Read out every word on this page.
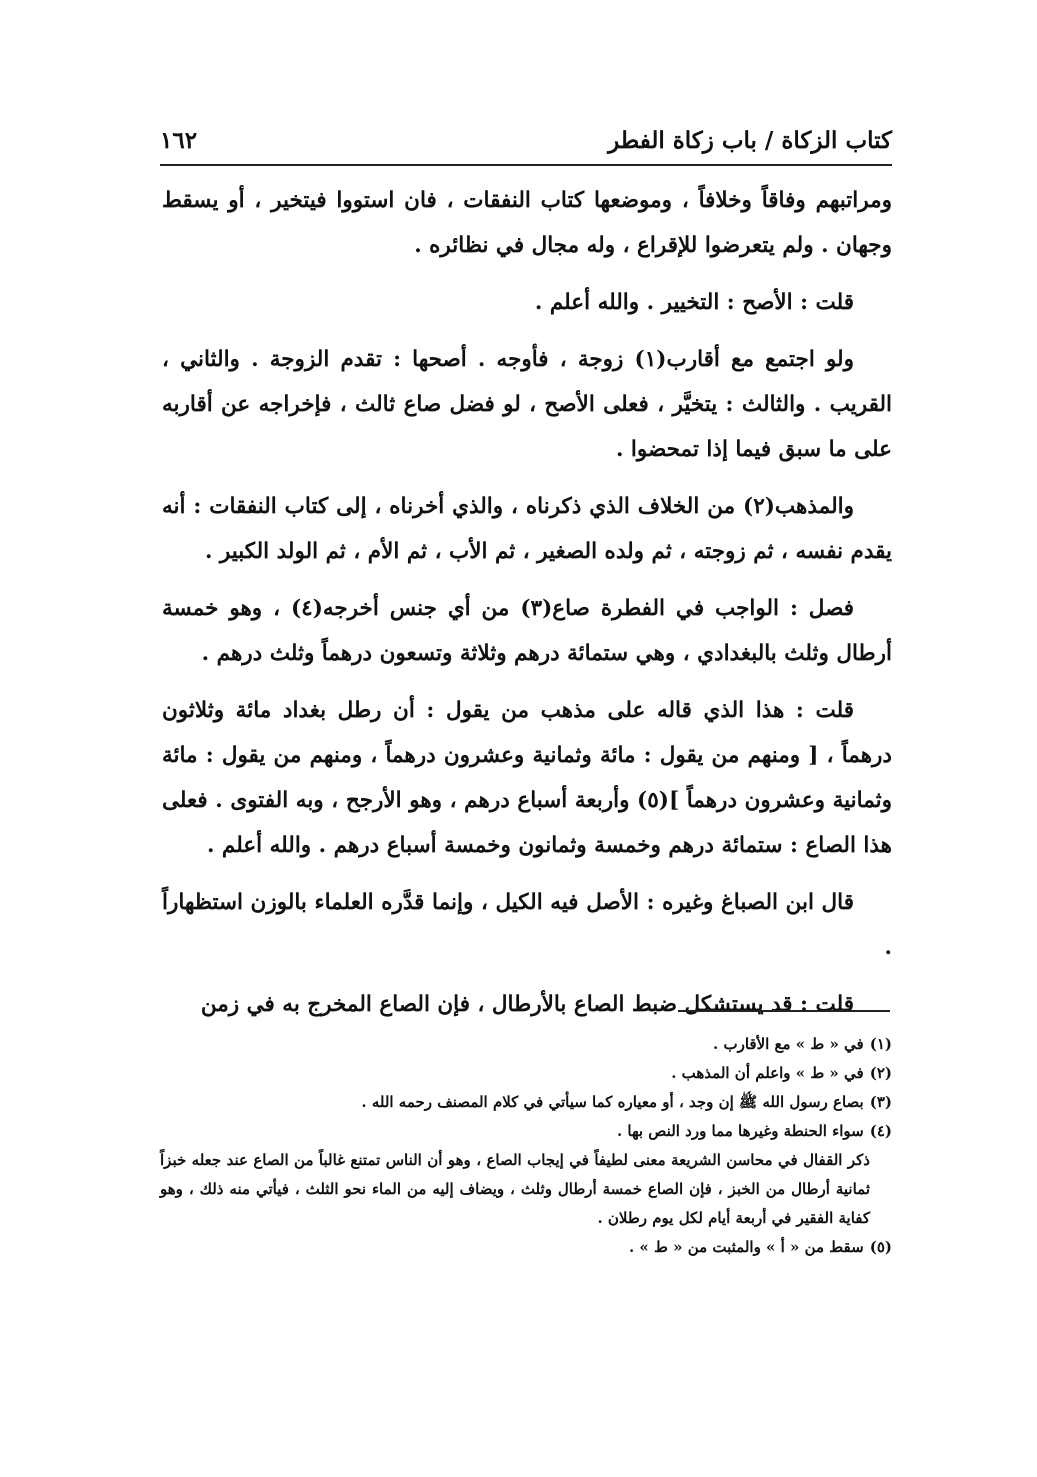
كتاب الزكاة / باب زكاة الفطر
١٦٢

ومراتبهم وفاقاً وخلافاً ، وموضعها كتاب النفقات ، فان استووا فيتخير ، أو يسقط وجهان . ولم يتعرضوا للإقراع ، وله مجال في نظائره .

قلت : الأصح : التخيير . والله أعلم .

ولو اجتمع مع أقارب(١) زوجة ، فأوجه . أصحها : تقدم الزوجة . والثاني ، القريب . والثالث : يتخيَّر ، فعلى الأصح ، لو فضل صاع ثالث ، فإخراجه عن أقاربه على ما سبق فيما إذا تمحضوا .

والمذهب(٢) من الخلاف الذي ذكرناه ، والذي أخرناه ، إلى كتاب النفقات : أنه يقدم نفسه ، ثم زوجته ، ثم ولده الصغير ، ثم الأب ، ثم الأم ، ثم الولد الكبير .

فصل : الواجب في الفطرة صاع(٣) من أي جنس أخرجه(٤) ، وهو خمسة أرطال وثلث بالبغدادي ، وهي ستمائة درهم وثلاثة وتسعون درهماً وثلث درهم .

قلت : هذا الذي قاله على مذهب من يقول : أن رطل بغداد مائة وثلاثون درهماً ، [ ومنهم من يقول : مائة وثمانية وعشرون درهماً ، ومنهم من يقول : مائة وثمانية وعشرون درهماً ](٥) وأربعة أسباع درهم ، وهو الأرجح ، وبه الفتوى . فعلى هذا الصاع : ستمائة درهم وخمسة وثمانون وخمسة أسباع درهم . والله أعلم .

قال ابن الصباغ وغيره : الأصل فيه الكيل ، وإنما قدَّره العلماء بالوزن استظهاراً .

قلت : قد يستشكل ضبط الصاع بالأرطال ، فإن الصاع المخرج به في زمن

(١)في « ط » مع الأقارب .

(٢)في « ط » واعلم أن المذهب .

(٣)بصاع رسول الله ﷺ إن وجد ، أو معياره كما سيأتي في كلام المصنف رحمه الله .

(٤)سواء الحنطة وغيرها مما ورد النص بها .

ذكر القفال في محاسن الشريعة معنى لطيفاً في إيجاب الصاع ، وهو أن الناس تمتنع غالباً من الصاع عند جعله خبزاً ثمانية أرطال من الخبز ، فإن الصاع خمسة أرطال وثلث ، ويضاف إليه من الماء نحو الثلث ، فيأتي منه ذلك ، وهو كفاية الفقير في أربعة أيام لكل يوم رطلان .

(٥)سقط من « أ » والمثبت من « ط » .
